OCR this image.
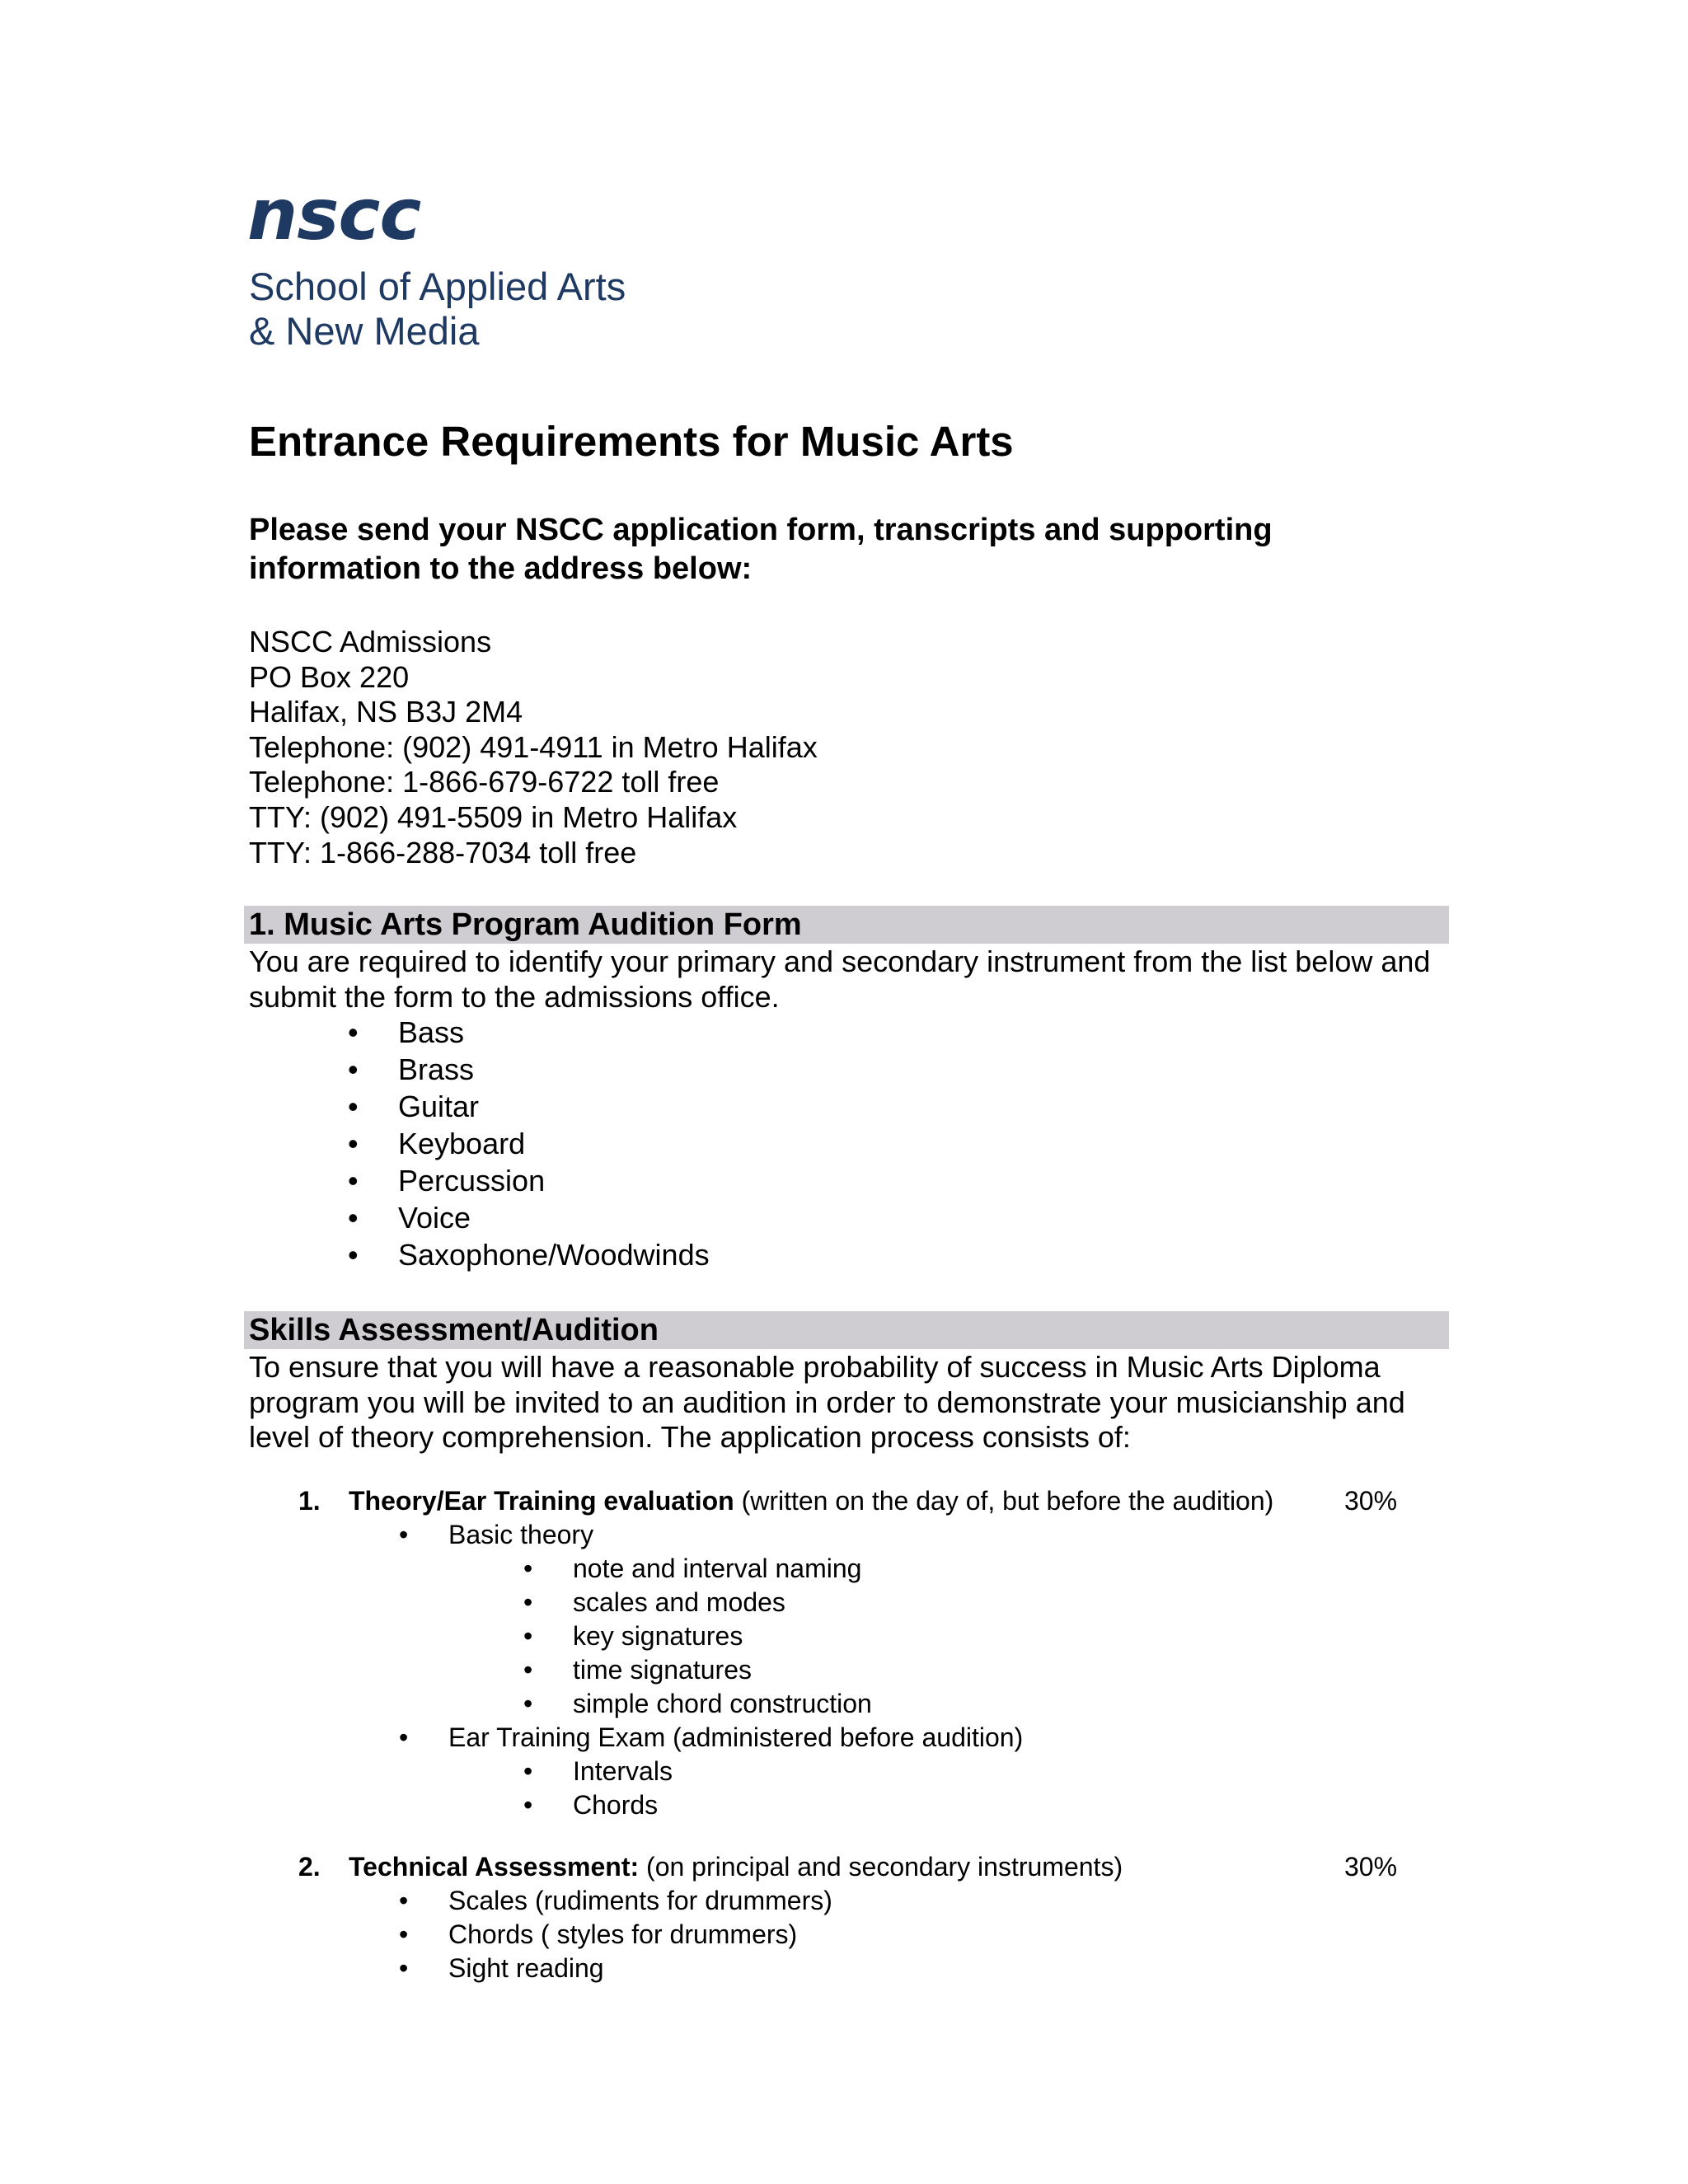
nscc
School of Applied Arts
& New Media
Entrance Requirements for Music Arts
Please send your NSCC application form, transcripts and supporting information to the address below:
NSCC Admissions
PO Box 220
Halifax, NS B3J 2M4
Telephone: (902) 491-4911 in Metro Halifax
Telephone: 1-866-679-6722 toll free
TTY: (902) 491-5509 in Metro Halifax
TTY: 1-866-288-7034 toll free
1. Music Arts Program Audition Form
You are required to identify your primary and secondary instrument from the list below and submit the form to the admissions office.
• Bass
• Brass
• Guitar
• Keyboard
• Percussion
• Voice
• Saxophone/Woodwinds
Skills Assessment/Audition
To ensure that you will have a reasonable probability of success in Music Arts Diploma program you will be invited to an audition in order to demonstrate your musicianship and level of theory comprehension. The application process consists of:
1. Theory/Ear Training evaluation (written on the day of, but before the audition)	30%
• Basic theory
• note and interval naming
• scales and modes
• key signatures
• time signatures
• simple chord construction
• Ear Training Exam (administered before audition)
• Intervals
• Chords
2. Technical Assessment: (on principal and secondary instruments)	30%
• Scales (rudiments for drummers)
• Chords ( styles for drummers)
• Sight reading
